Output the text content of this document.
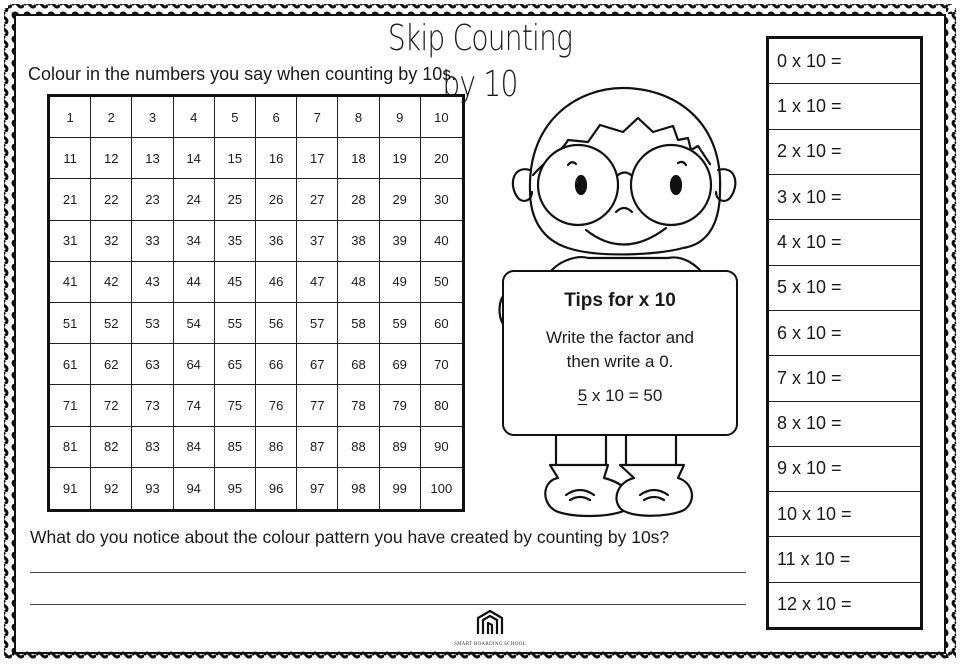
Skip Counting by 10
Colour in the numbers you say when counting by 10s.
1	2	3	4	5	6	7	8	9	10
11	12	13	14	15	16	17	18	19	20
21	22	23	24	25	26	27	28	29	30
31	32	33	34	35	36	37	38	39	40
41	42	43	44	45	46	47	48	49	50
51	52	53	54	55	56	57	58	59	60
61	62	63	64	65	66	67	68	69	70
71	72	73	74	75	76	77	78	79	80
81	82	83	84	85	86	87	88	89	90
91	92	93	94	95	96	97	98	99	100
Tips for x 10
Write the factor and
then write a 0.
5 x 10 = 50
0 x 10 =
1 x 10 =
2 x 10 =
3 x 10 =
4 x 10 =
5 x 10 =
6 x 10 =
7 x 10 =
8 x 10 =
9 x 10 =
10 x 10 =
11 x 10 =
12 x 10 =
What do you notice about the colour pattern you have created by counting by 10s?
SMART BOARDING SCHOOL
